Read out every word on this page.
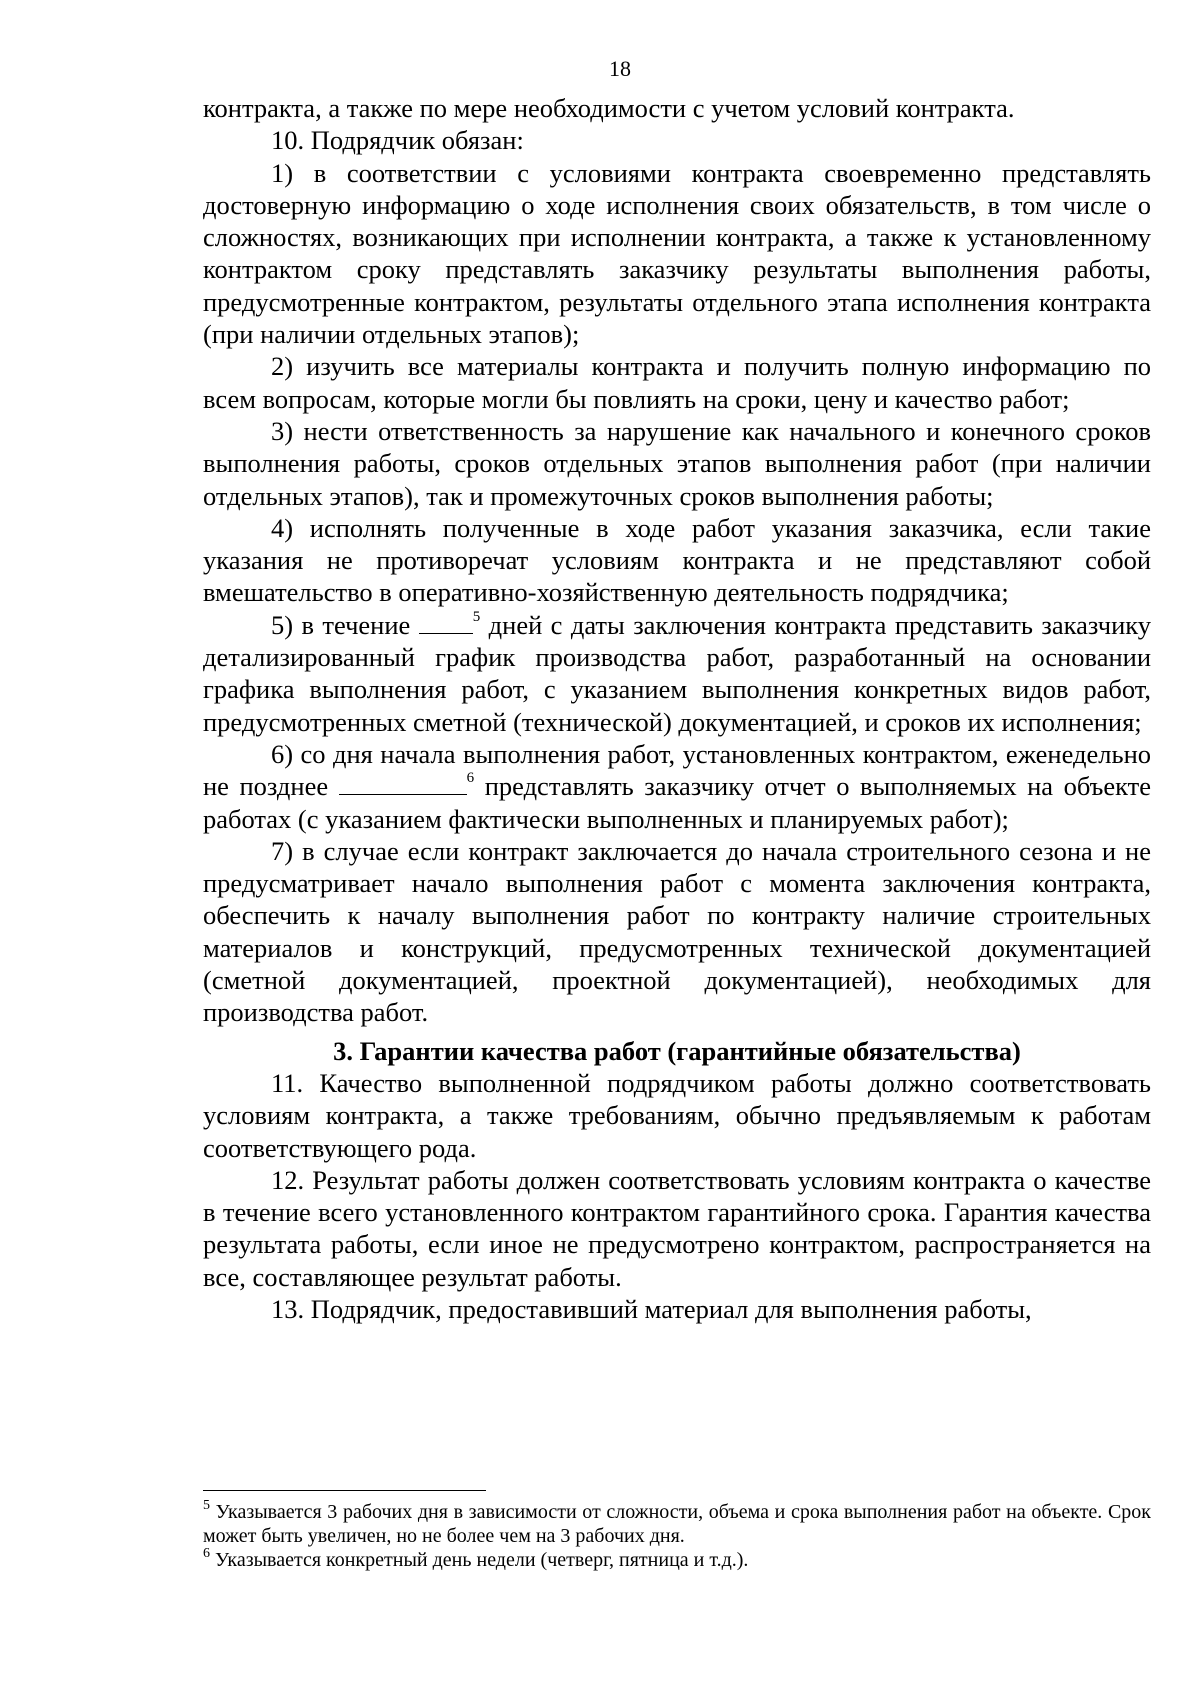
18

контракта, а также по мере необходимости с учетом условий контракта.

10. Подрядчик обязан:

1) в соответствии с условиями контракта своевременно представлять достоверную информацию о ходе исполнения своих обязательств, в том числе о сложностях, возникающих при исполнении контракта, а также к установленному контрактом сроку представлять заказчику результаты выполнения работы, предусмотренные контрактом, результаты отдельного этапа исполнения контракта (при наличии отдельных этапов);

2) изучить все материалы контракта и получить полную информацию по всем вопросам, которые могли бы повлиять на сроки, цену и качество работ;

3) нести ответственность за нарушение как начального и конечного сроков выполнения работы, сроков отдельных этапов выполнения работ (при наличии отдельных этапов), так и промежуточных сроков выполнения работы;

4) исполнять полученные в ходе работ указания заказчика, если такие указания не противоречат условиям контракта и не представляют собой вмешательство в оперативно-хозяйственную деятельность подрядчика;

5) в течение	$^5$ дней с даты заключения контракта представить заказчику детализированный график производства работ, разработанный на основании графика выполнения работ, с указанием выполнения конкретных видов работ, предусмотренных сметной (технической) документацией, и сроков их исполнения;

6) со дня начала выполнения работ, установленных контрактом, еженедельно не позднее	$^6$ представлять заказчику отчет о выполняемых на объекте работах (с указанием фактически выполненных и планируемых работ);

7) в случае если контракт заключается до начала строительного сезона и не предусматривает начало выполнения работ с момента заключения контракта, обеспечить к началу выполнения работ по контракту наличие строительных материалов и конструкций, предусмотренных технической документацией (сметной документацией, проектной документацией), необходимых для производства работ.

3. Гарантии качества работ (гарантийные обязательства)

11. Качество выполненной подрядчиком работы должно соответствовать условиям контракта, а также требованиям, обычно предъявляемым к работам соответствующего рода.

12. Результат работы должен соответствовать условиям контракта о качестве в течение всего установленного контрактом гарантийного срока. Гарантия качества результата работы, если иное не предусмотрено контрактом, распространяется на все, составляющее результат работы.

13. Подрядчик, предоставивший материал для выполнения работы,

$^5$ Указывается 3 рабочих дня в зависимости от сложности, объема и срока выполнения работ на объекте. Срок может быть увеличен, но не более чем на 3 рабочих дня.

$^6$ Указывается конкретный день недели (четверг, пятница и т.д.).
